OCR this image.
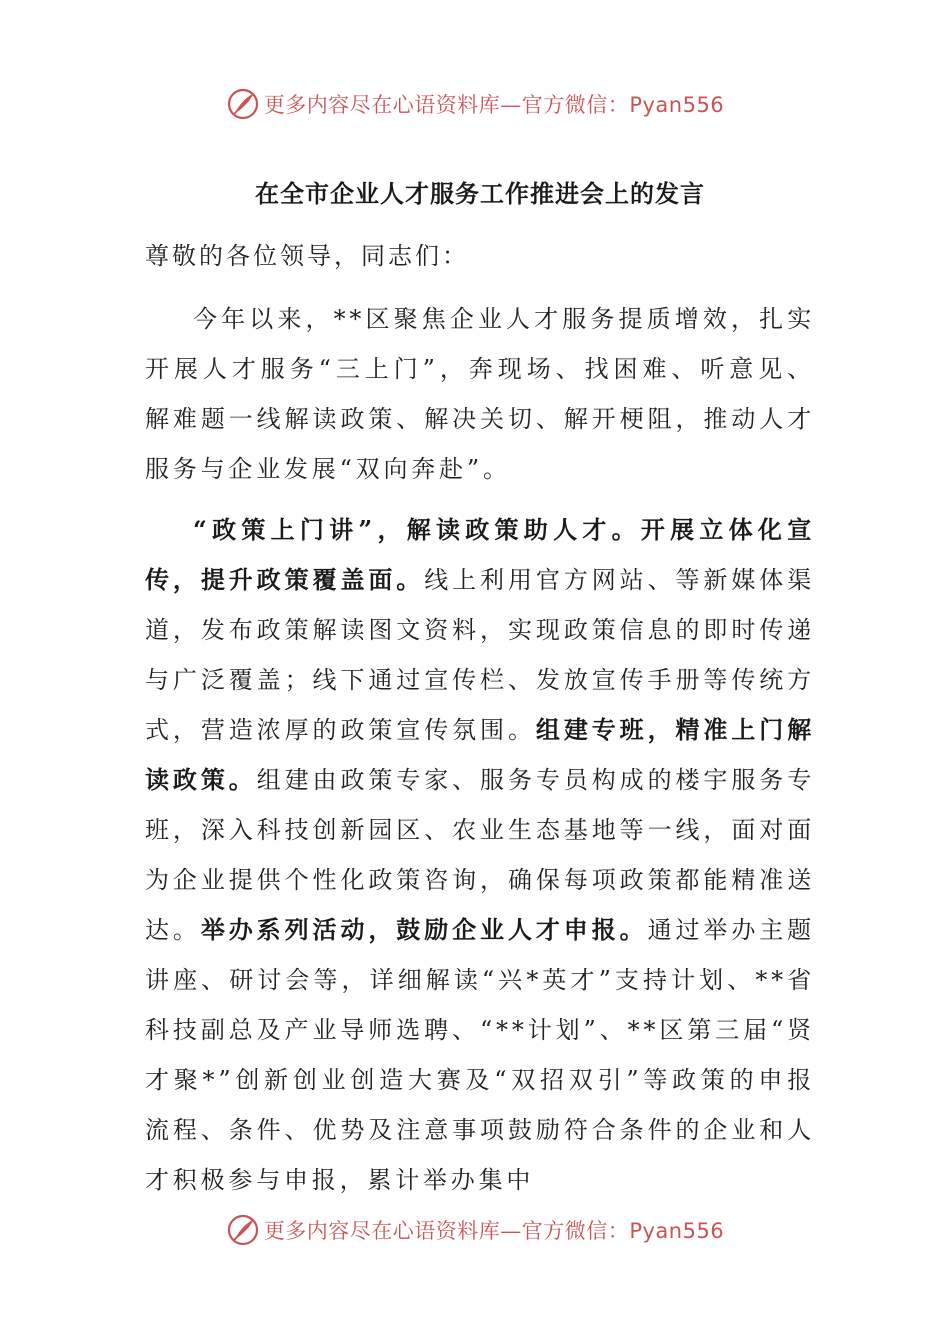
更多内容尽在心语资料库—官方微信：Pyan556
在全市企业人才服务工作推进会上的发言
尊敬的各位领导，同志们：
今年以来，**区聚焦企业人才服务提质增效，扎实开展人才服务“三上门”，奔现场、找困难、听意见、解难题一线解读政策、解决关切、解开梗阻，推动人才服务与企业发展“双向奔赴”。
“政策上门讲”，解读政策助人才。开展立体化宣传，提升政策覆盖面。线上利用官方网站、等新媒体渠道，发布政策解读图文资料，实现政策信息的即时传递与广泛覆盖；线下通过宣传栏、发放宣传手册等传统方式，营造浓厚的政策宣传氛围。组建专班，精准上门解读政策。组建由政策专家、服务专员构成的楼宇服务专班，深入科技创新园区、农业生态基地等一线，面对面为企业提供个性化政策咨询，确保每项政策都能精准送达。举办系列活动，鼓励企业人才申报。通过举办主题讲座、研讨会等，详细解读“兴*英才”支持计划、**省科技副总及产业导师选聘、“**计划”、**区第三届“贤才聚*”创新创业创造大赛及“双招双引”等政策的申报流程、条件、优势及注意事项鼓励符合条件的企业和人才积极参与申报，累计举办集中
更多内容尽在心语资料库—官方微信：Pyan556
